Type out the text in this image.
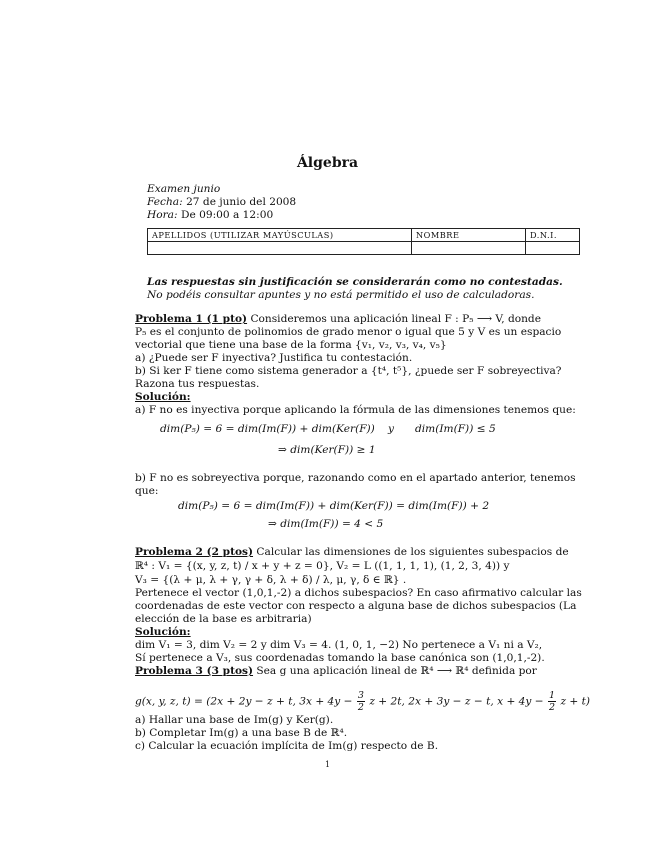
Álgebra
Examen junio
Fecha: 27 de junio del 2008
Hora: De 09:00 a 12:00
APELLIDOS (UTILIZAR MAYÚSCULAS)	NOMBRE	D.N.I.

Las respuestas sin justificación se considerarán como no contestadas.
No podéis consultar apuntes y no está permitido el uso de calculadoras.
Problema 1 (1 pto) Consideremos una aplicación lineal F : P₅ ⟶ V, donde
P₅ es el conjunto de polinomios de grado menor o igual que 5 y V es un espacio
vectorial que tiene una base de la forma {v₁, v₂, v₃, v₄, v₅}
a) ¿Puede ser F inyectiva? Justifica tu contestación.
b) Si ker F tiene como sistema generador a {t⁴, t⁵}, ¿puede ser F sobreyectiva?
Razona tus respuestas.
Solución:
a) F no es inyectiva porque aplicando la fórmula de las dimensiones tenemos que:
dim(P₅) = 6 = dim(Im(F)) + dim(Ker(F)) y dim(Im(F)) ≤ 5
⇒ dim(Ker(F)) ≥ 1
b) F no es sobreyectiva porque, razonando como en el apartado anterior, tenemos
que:
dim(P₅) = 6 = dim(Im(F)) + dim(Ker(F)) = dim(Im(F)) + 2
⇒ dim(Im(F)) = 4 < 5
Problema 2 (2 ptos) Calcular las dimensiones de los siguientes subespacios de
ℝ⁴ : V₁ = {(x, y, z, t) / x + y + z = 0}, V₂ = L ((1, 1, 1, 1), (1, 2, 3, 4)) y
V₃ = {(λ + μ, λ + γ, γ + δ, λ + δ) / λ, μ, γ, δ ∈ ℝ} .
Pertenece el vector (1,0,1,-2) a dichos subespacios? En caso afirmativo calcular las
coordenadas de este vector con respecto a alguna base de dichos subespacios (La
elección de la base es arbitraria)
Solución:
dim V₁ = 3, dim V₂ = 2 y dim V₃ = 4. (1, 0, 1, −2) No pertenece a V₁ ni a V₂,
Sí pertenece a V₃, sus coordenadas tomando la base canónica son (1,0,1,-2).
Problema 3 (3 ptos) Sea g una aplicación lineal de ℝ⁴ ⟶ ℝ⁴ definida por
g(x, y, z, t) = (2x + 2y − z + t, $3x + 4y - \frac{3}{2}$ z + 2t, 2x + 3y − z − t, $x + 4y - \frac{1}{2}$ z + t)
a) Hallar una base de Im(g) y Ker(g).
b) Completar Im(g) a una base B de ℝ⁴.
c) Calcular la ecuación implícita de Im(g) respecto de B.
1
